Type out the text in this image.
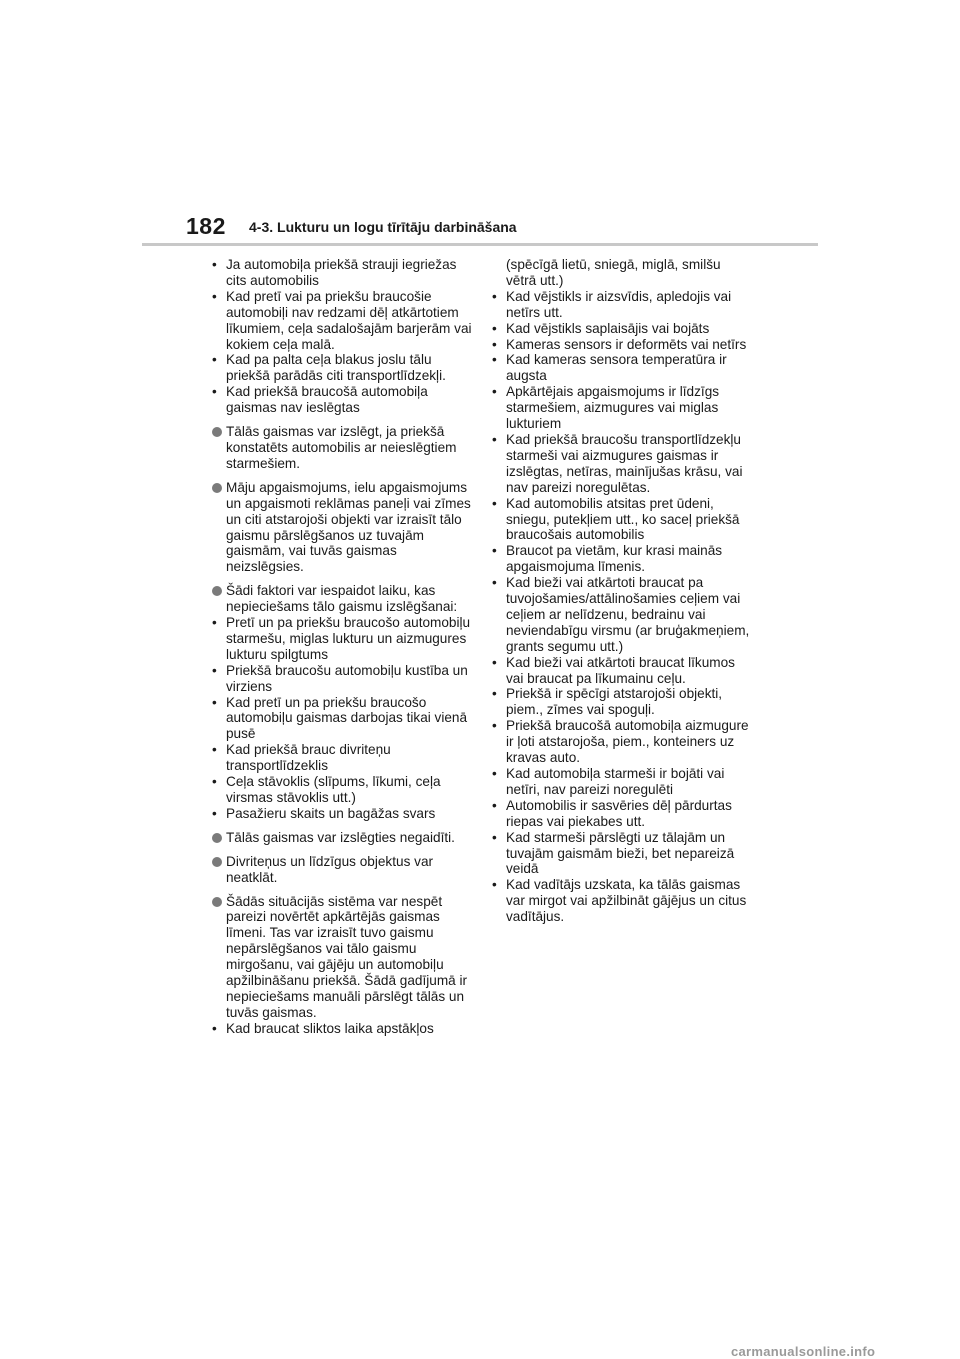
182 4-3. Lukturu un logu tīrītāju darbināšana
• Ja automobiļa priekšā strauji iegriežas cits automobilis
• Kad pretī vai pa priekšu braucošie automobiļi nav redzami dēļ atkārtotiem līkumiem, ceļa sadalošajām barjerām vai kokiem ceļa malā.
• Kad pa palta ceļa blakus joslu tālu priekšā parādās citi transportlīdzekļi.
• Kad priekšā braucošā automobiļa gaismas nav ieslēgtas
Tālās gaismas var izslēgt, ja priekšā konstatēts automobilis ar neieslēgtiem starmešiem.
Māju apgaismojums, ielu apgaismojums un apgaismoti reklāmas paneļi vai zīmes un citi atstarojoši objekti var izraisīt tālo gaismu pārslēgšanos uz tuvajām gaismām, vai tuvās gaismas neizslēgsies.
Šādi faktori var iespaidot laiku, kas nepieciešams tālo gaismu izslēgšanai:
• Pretī un pa priekšu braucošo automobiļu starmešu, miglas lukturu un aizmugures lukturu spilgtums
• Priekšā braucošu automobiļu kustība un virziens
• Kad pretī un pa priekšu braucošo automobiļu gaismas darbojas tikai vienā pusē
• Kad priekšā brauc divriteņu transportlīdzeklis
• Ceļa stāvoklis (slīpums, līkumi, ceļa virsmas stāvoklis utt.)
• Pasažieru skaits un bagāžas svars
Tālās gaismas var izslēgties negaidīti.
Divriteņus un līdzīgus objektus var neatklāt.
Šādās situācijās sistēma var nespēt pareizi novērtēt apkārtējās gaismas līmeni. Tas var izraisīt tuvo gaismu nepārslēgšanos vai tālo gaismu mirgošanu, vai gājēju un automobiļu apžilbināšanu priekšā. Šādā gadījumā ir nepieciešams manuāli pārslēgt tālās un tuvās gaismas.
• Kad braucat sliktos laika apstākļos
(spēcīgā lietū, sniegā, miglā, smilšu vētrā utt.)
• Kad vējstikls ir aizsvīdis, apledojis vai netīrs utt.
• Kad vējstikls saplaisājis vai bojāts
• Kameras sensors ir deformēts vai netīrs
• Kad kameras sensora temperatūra ir augsta
• Apkārtējais apgaismojums ir līdzīgs starmešiem, aizmugures vai miglas lukturiem
• Kad priekšā braucošu transportlīdzekļu starmeši vai aizmugures gaismas ir izslēgtas, netīras, mainījušas krāsu, vai nav pareizi noregulētas.
• Kad automobilis atsitas pret ūdeni, sniegu, putekļiem utt., ko saceļ priekšā braucošais automobilis
• Braucot pa vietām, kur krasi mainās apgaismojuma līmenis.
• Kad bieži vai atkārtoti braucat pa tuvojošamies/attālinošamies ceļiem vai ceļiem ar nelīdzenu, bedrainu vai neviendabīgu virsmu (ar bruģakmeņiem, grants segumu utt.)
• Kad bieži vai atkārtoti braucat līkumos vai braucat pa līkumainu ceļu.
• Priekšā ir spēcīgi atstarojoši objekti, piem., zīmes vai spoguļi.
• Priekšā braucošā automobiļa aizmugure ir ļoti atstarojoša, piem., konteiners uz kravas auto.
• Kad automobiļa starmeši ir bojāti vai netīri, nav pareizi noregulēti
• Automobilis ir sasvēries dēļ pārdurtas riepas vai piekabes utt.
• Kad starmeši pārslēgti uz tālajām un tuvajām gaismām bieži, bet nepareizā veidā
• Kad vadītājs uzskata, ka tālās gaismas var mirgot vai apžilbināt gājējus un citus vadītājus.
carmanualsonline.info
